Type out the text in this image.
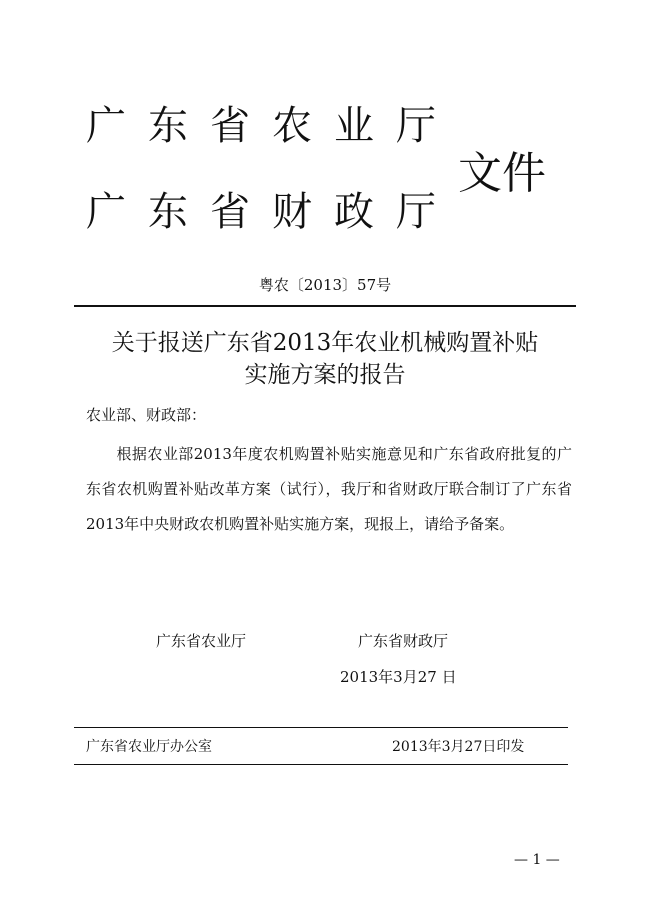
广东省农业厅
广东省财政厅
文件
粤农〔2013〕57号
关于报送广东省2013年农业机械购置补贴
实施方案的报告
农业部、财政部：
根据农业部2013年度农机购置补贴实施意见和广东省政府批复的广东省农机购置补贴改革方案（试行），我厅和省财政厅联合制订了广东省2013年中央财政农机购置补贴实施方案，现报上，请给予备案。
广东省农业厅	广东省财政厅
2013年3月27 日
广东省农业厅办公室	2013年3月27日印发
— 1 —
